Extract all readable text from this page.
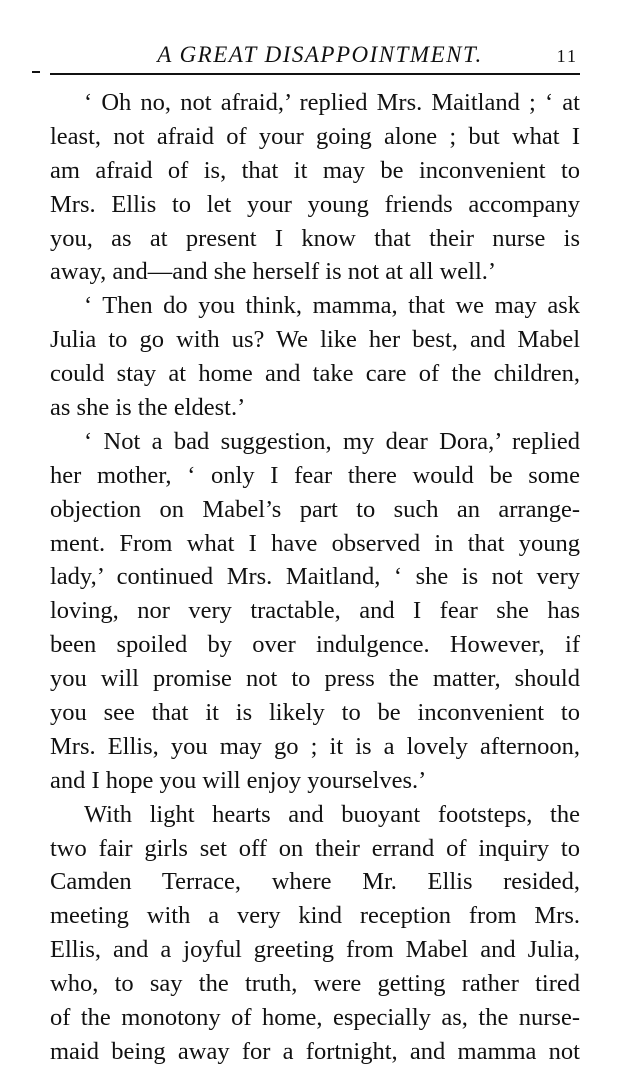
A GREAT DISAPPOINTMENT.	11
‘ Oh no, not afraid,’ replied Mrs. Maitland ; ‘ at
least, not afraid of your going alone ; but what I
am afraid of is, that it may be inconvenient to
Mrs. Ellis to let your young friends accompany
you, as at present I know that their nurse is
away, and—and she herself is not at all well.’
‘ Then do you think, mamma, that we may ask
Julia to go with us? We like her best, and Mabel
could stay at home and take care of the children,
as she is the eldest.’
‘ Not a bad suggestion, my dear Dora,’ replied
her mother, ‘ only I fear there would be some
objection on Mabel’s part to such an arrange-
ment. From what I have observed in that young
lady,’ continued Mrs. Maitland, ‘ she is not very
loving, nor very tractable, and I fear she has
been spoiled by over indulgence. However, if
you will promise not to press the matter, should
you see that it is likely to be inconvenient to
Mrs. Ellis, you may go ; it is a lovely afternoon,
and I hope you will enjoy yourselves.’
With light hearts and buoyant footsteps, the
two fair girls set off on their errand of inquiry to
Camden Terrace, where Mr. Ellis resided,
meeting with a very kind reception from Mrs.
Ellis, and a joyful greeting from Mabel and Julia,
who, to say the truth, were getting rather tired
of the monotony of home, especially as, the nurse-
maid being away for a fortnight, and mamma not
